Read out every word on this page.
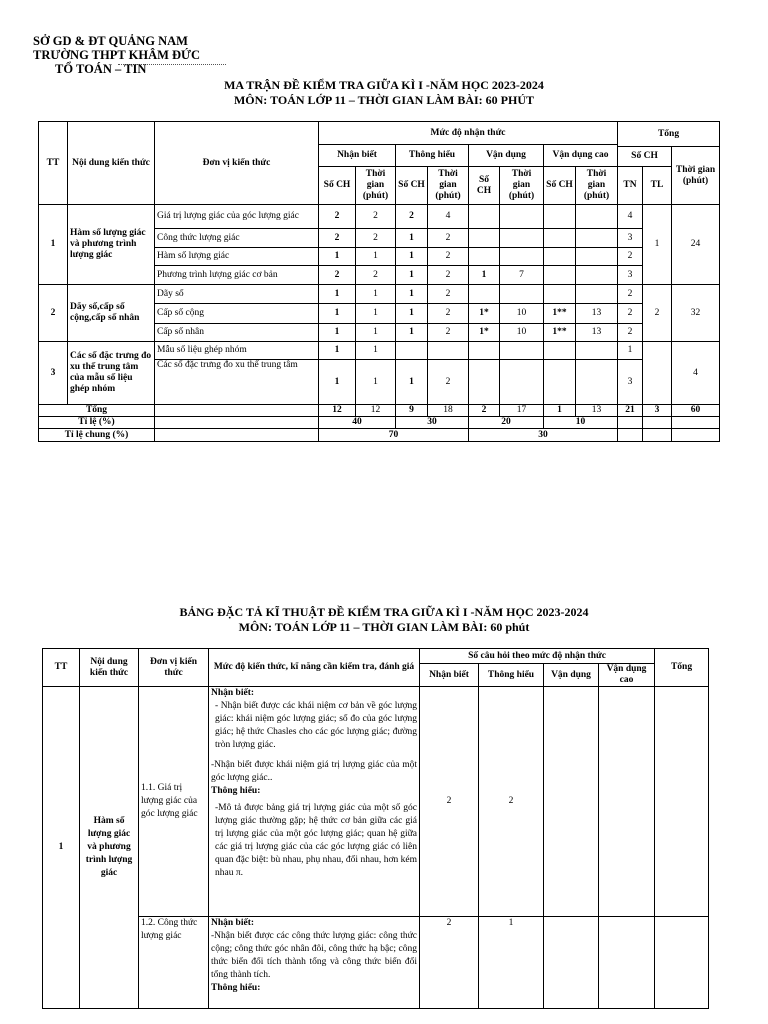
SỞ GD & ĐT QUẢNG NAM
TRƯỜNG THPT KHÂM ĐỨC
TỔ TOÁN – TIN
MA TRẬN ĐỀ KIỂM TRA GIỮA KÌ I -NĂM HỌC 2023-2024
MÔN: TOÁN LỚP 11 – THỜI GIAN LÀM BÀI: 60 PHÚT
TT	Nội dung kiến thức	Đơn vị kiến thức	Mức độ nhận thức								Tổng		
			Nhận biết		Thông hiểu		Vận dụng		Vận dụng cao				
											Số CH		Thời gian (phút)
			Số CH	Thời gian (phút)	Số CH	Thời gian (phút)	Số CH	Thời gian (phút)	Số CH	Thời gian (phút)	TN	TL	
1	Hàm số lượng giác và phương trình lượng giác	Giá trị lượng giác của góc lượng giác	2	2	2	4					4	1	24
		Công thức lượng giác	2	2	1	2					3		
		Hàm số lượng giác	1	1	1	2					2		
		Phương trình lượng giác cơ bản	2	2	1	2	1	7			3		
2	Dãy số,cấp số cộng,cấp số nhân	Dãy số	1	1	1	2					2	2	32
		Cấp số cộng	1	1	1	2	1*	10	1**	13	2		
		Cấp số nhân	1	1	1	2	1*	10	1**	13	2		
3	Các số đặc trưng đo xu thế trung tâm của mẫu số liệu ghép nhóm	Mẫu số liệu ghép nhóm	1	1							1		4
		Các số đặc trưng đo xu thế trung tâm	1	1	1	2					3		
Tổng			12	12	9	18	2	17	1	13	21	3	60
Tỉ lệ (%)			40		30		20		10				
Tỉ lệ chung (%)			70				30						
BẢNG ĐẶC TẢ KĨ THUẬT ĐỀ KIỂM TRA GIỮA KÌ I -NĂM HỌC 2023-2024
MÔN: TOÁN LỚP 11 – THỜI GIAN LÀM BÀI: 60 phút
TT	Nội dung kiến thức	Đơn vị kiến thức	Mức độ kiến thức, kĩ năng cần kiểm tra, đánh giá	Số câu hỏi theo mức độ nhận thức				Tổng
				Nhận biết	Thông hiểu	Vận dụng	Vận dụng cao	
1	Hàm số lượng giác và phương trình lượng giác	1.1. Giá trị lượng giác của góc lượng giác	Nhận biết:

- Nhận biết được các khái niệm cơ bản về góc lượng giác: khái niệm góc lượng giác; số đo của góc lượng giác; hệ thức Chasles cho các góc lượng giác; đường tròn lượng giác.

-Nhận biết được khái niệm giá trị lượng giác của một góc lượng giác..

Thông hiểu:

-Mô tả được bảng giá trị lượng giác của một số góc lượng giác thường gặp; hệ thức cơ bản giữa các giá trị lượng giác của một góc lượng giác; quan hệ giữa các giá trị lượng giác của các góc lượng giác có liên quan đặc biệt: bù nhau, phụ nhau, đối nhau, hơn kém nhau π.	2	2			
		1.2. Công thức lượng giác	Nhận biết:

-Nhận biết được các công thức lượng giác: công thức cộng; công thức góc nhân đôi, công thức hạ bậc; công thức biến đổi tích thành tổng và công thức biến đổi tổng thành tích.

Thông hiểu:	2	1			
